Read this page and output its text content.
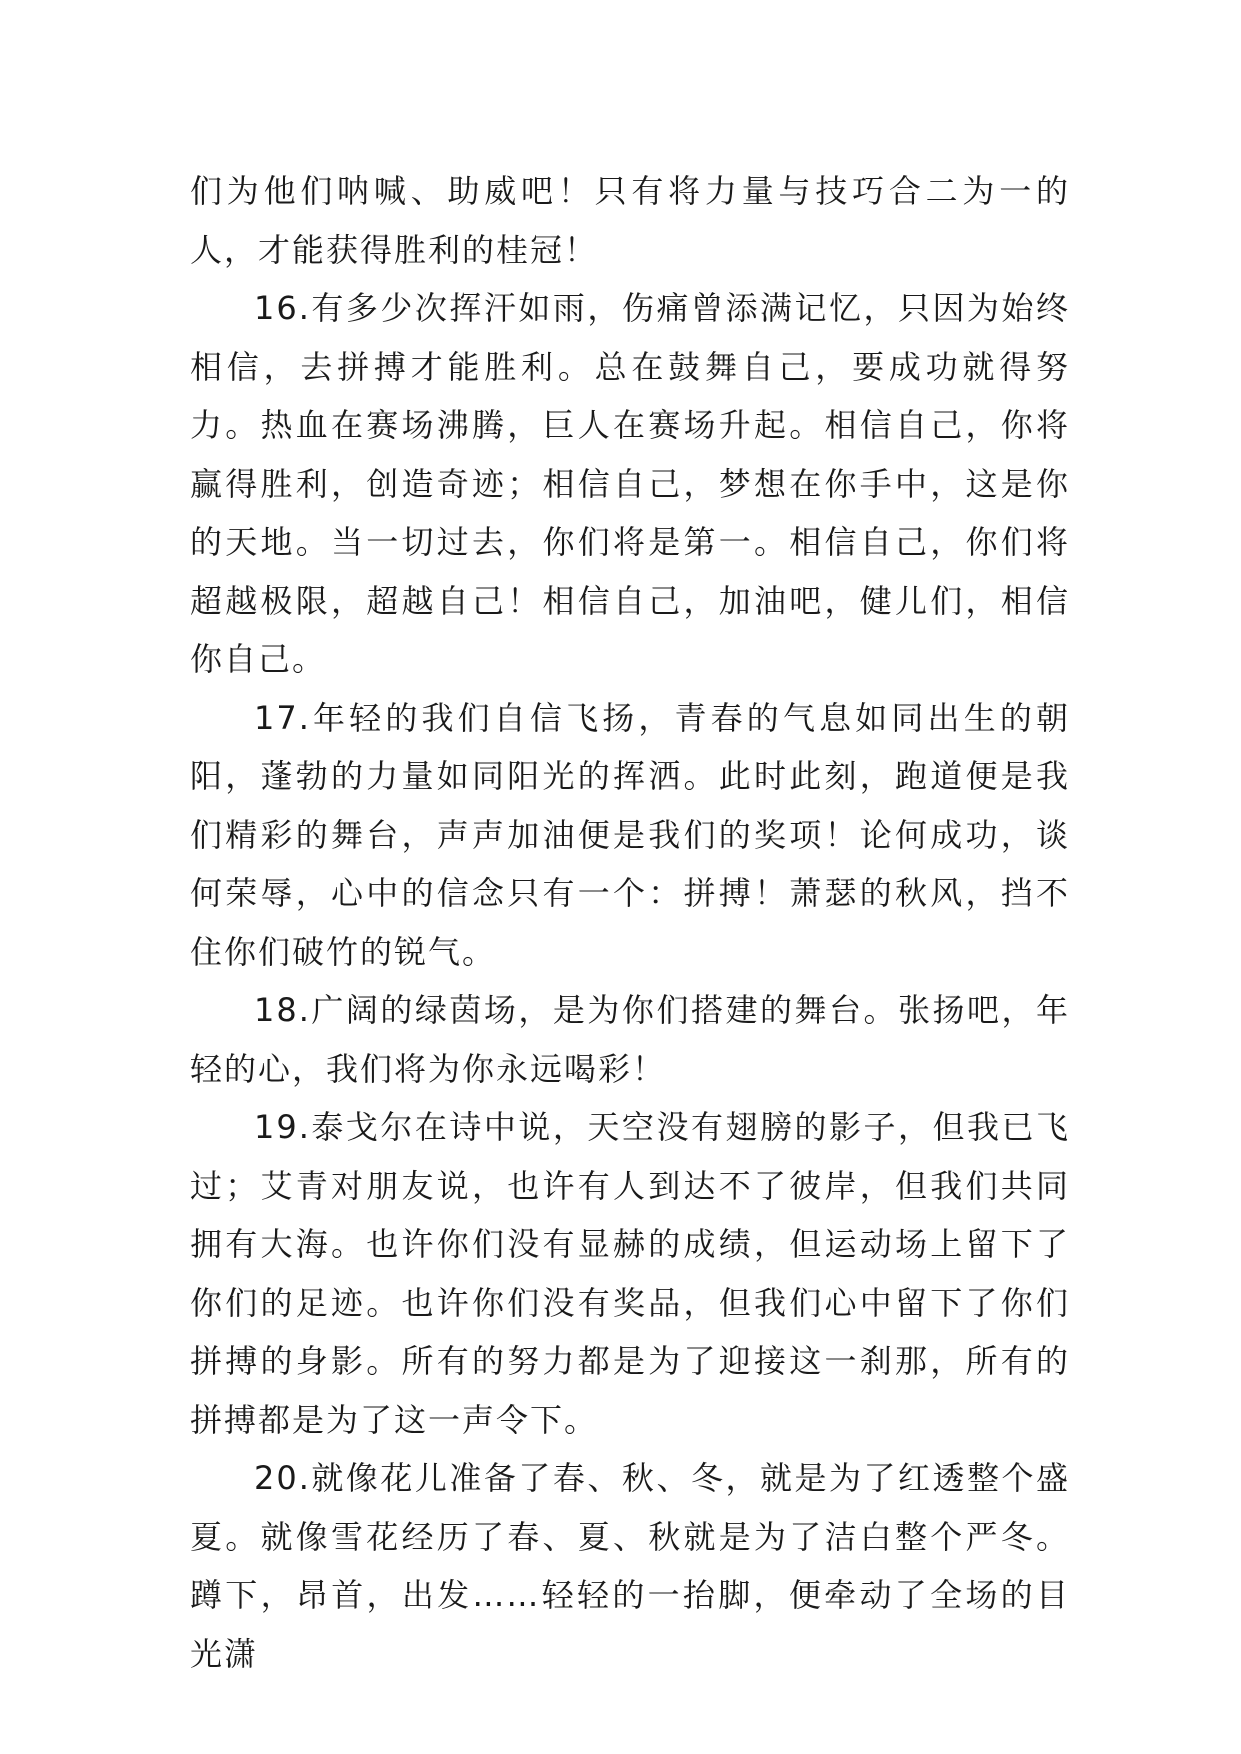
们为他们呐喊、助威吧！只有将力量与技巧合二为一的人，才能获得胜利的桂冠！

16.有多少次挥汗如雨，伤痛曾添满记忆，只因为始终相信，去拼搏才能胜利。总在鼓舞自己，要成功就得努力。热血在赛场沸腾，巨人在赛场升起。相信自己，你将赢得胜利，创造奇迹；相信自己，梦想在你手中，这是你的天地。当一切过去，你们将是第一。相信自己，你们将超越极限，超越自己！相信自己，加油吧，健儿们，相信你自己。

17.年轻的我们自信飞扬，青春的气息如同出生的朝阳，蓬勃的力量如同阳光的挥洒。此时此刻，跑道便是我们精彩的舞台，声声加油便是我们的奖项！论何成功，谈何荣辱，心中的信念只有一个：拼搏！萧瑟的秋风，挡不住你们破竹的锐气。

18.广阔的绿茵场，是为你们搭建的舞台。张扬吧，年轻的心，我们将为你永远喝彩！

19.泰戈尔在诗中说，天空没有翅膀的影子，但我已飞过；艾青对朋友说，也许有人到达不了彼岸，但我们共同拥有大海。也许你们没有显赫的成绩，但运动场上留下了你们的足迹。也许你们没有奖品，但我们心中留下了你们拼搏的身影。所有的努力都是为了迎接这一刹那，所有的拼搏都是为了这一声令下。

20.就像花儿准备了春、秋、冬，就是为了红透整个盛夏。就像雪花经历了春、夏、秋就是为了洁白整个严冬。蹲下，昂首，出发……轻轻的一抬脚，便牵动了全场的目光潇
